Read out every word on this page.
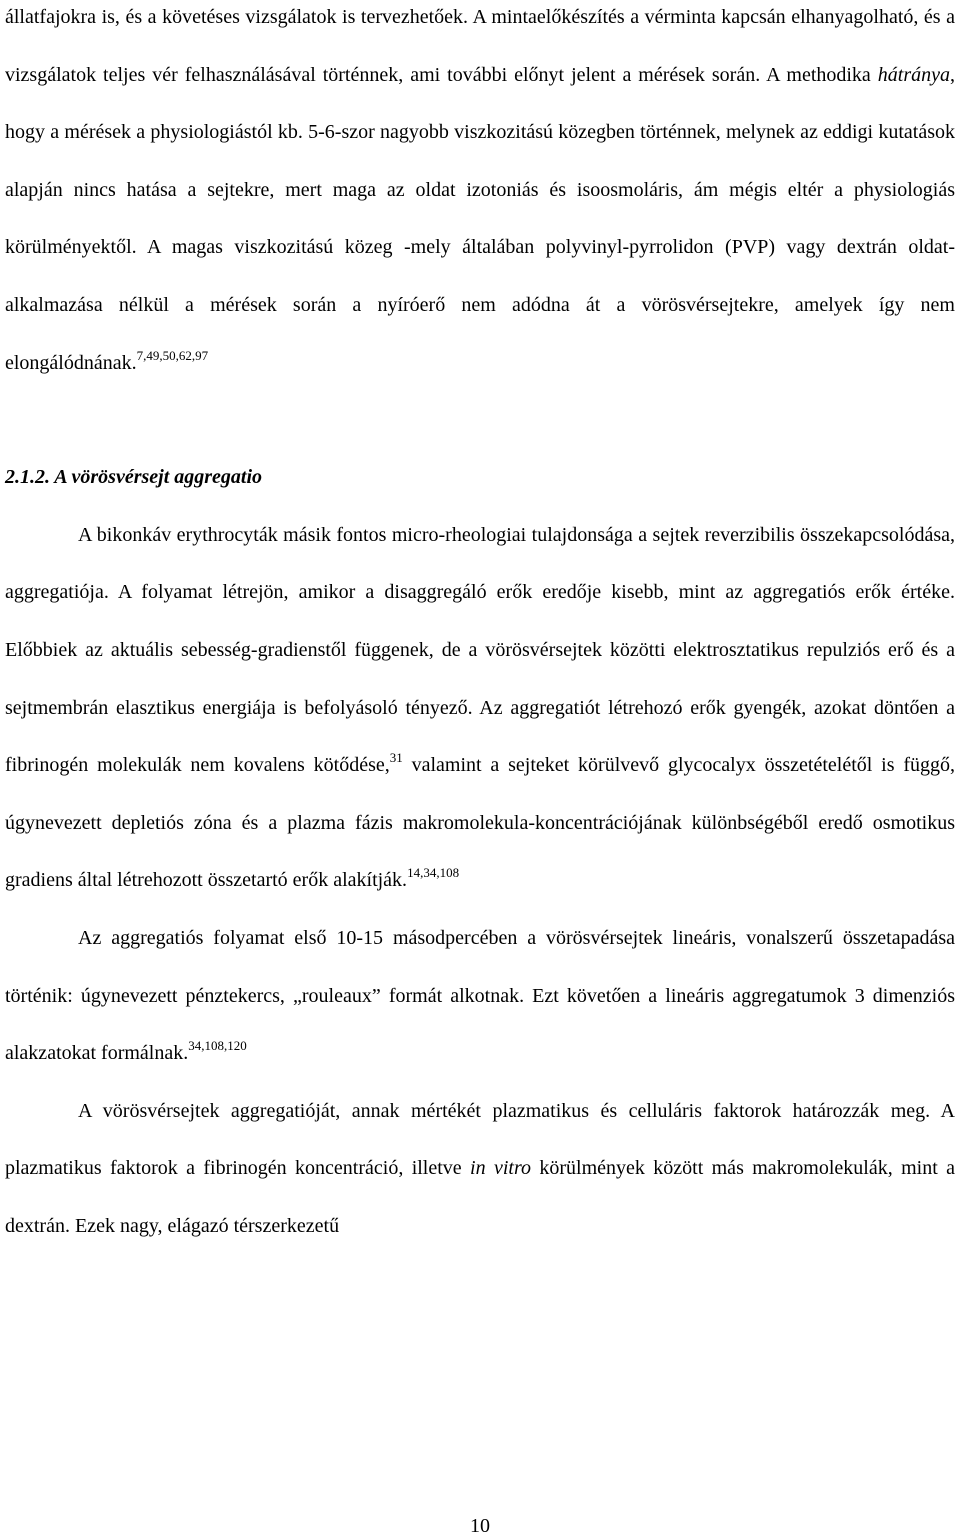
állatfajokra is, és a követéses vizsgálatok is tervezhetőek. A mintaelőkészítés a vérminta kapcsán elhanyagolható, és a vizsgálatok teljes vér felhasználásával történnek, ami további előnyt jelent a mérések során. A methodika hátránya, hogy a mérések a physiologiástól kb. 5-6-szor nagyobb viszkozitású közegben történnek, melynek az eddigi kutatások alapján nincs hatása a sejtekre, mert maga az oldat izotoniás és isoosmoláris, ám mégis eltér a physiologiás körülményektől. A magas viszkozitású közeg -mely általában polyvinyl-pyrrolidon (PVP) vagy dextrán oldat- alkalmazása nélkül a mérések során a nyíróerő nem adódna át a vörösvérsejtekre, amelyek így nem elongálódnának.$^{7,49,50,62,97}$

2.1.2. A vörösvérsejt aggregatio

A bikonkáv erythrocyták másik fontos micro-rheologiai tulajdonsága a sejtek reverzibilis összekapcsolódása, aggregatiója. A folyamat létrejön, amikor a disaggregáló erők eredője kisebb, mint az aggregatiós erők értéke. Előbbiek az aktuális sebesség-gradienstől függenek, de a vörösvérsejtek közötti elektrosztatikus repulziós erő és a sejtmembrán elasztikus energiája is befolyásoló tényező. Az aggregatiót létrehozó erők gyengék, azokat döntően a fibrinogén molekulák nem kovalens kötődése,$^{31}$ valamint a sejteket körülvevő glycocalyx összetételétől is függő, úgynevezett depletiós zóna és a plazma fázis makromolekula-koncentrációjának különbségéből eredő osmotikus gradiens által létrehozott összetartó erők alakítják.$^{14,34,108}$

Az aggregatiós folyamat első 10-15 másodpercében a vörösvérsejtek lineáris, vonalszerű összetapadása történik: úgynevezett pénztekercs, „rouleaux” formát alkotnak. Ezt követően a lineáris aggregatumok 3 dimenziós alakzatokat formálnak.$^{34,108,120}$

A vörösvérsejtek aggregatióját, annak mértékét plazmatikus és celluláris faktorok határozzák meg. A plazmatikus faktorok a fibrinogén koncentráció, illetve in vitro körülmények között más makromolekulák, mint a dextrán. Ezek nagy, elágazó térszerkezetű

10
